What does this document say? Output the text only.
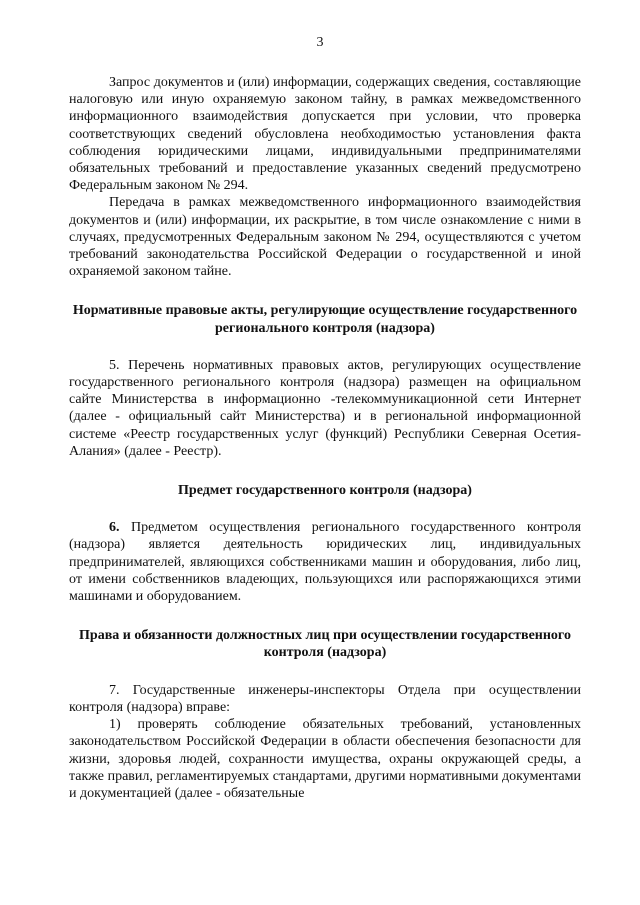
3

Запрос документов и (или) информации, содержащих сведения, составляющие налоговую или иную охраняемую законом тайну, в рамках межведомственного информационного взаимодействия допускается при условии, что проверка соответствующих сведений обусловлена необходимостью установления факта соблюдения юридическими лицами, индивидуальными предпринимателями обязательных требований и предоставление указанных сведений предусмотрено Федеральным законом № 294.

Передача в рамках межведомственного информационного взаимодействия документов и (или) информации, их раскрытие, в том числе ознакомление с ними в случаях, предусмотренных Федеральным законом № 294, осуществляются с учетом требований законодательства Российской Федерации о государственной и иной охраняемой законом тайне.

Нормативные правовые акты, регулирующие осуществление государственного регионального контроля (надзора)

5. Перечень нормативных правовых актов, регулирующих осуществление государственного регионального контроля (надзора) размещен на официальном сайте Министерства в информационно -телекоммуникационной сети Интернет (далее - официальный сайт Министерства) и в региональной информационной системе «Реестр государственных услуг (функций) Республики Северная Осетия-Алания» (далее - Реестр).

Предмет государственного контроля (надзора)

6. Предметом осуществления регионального государственного контроля (надзора) является деятельность юридических лиц, индивидуальных предпринимателей, являющихся собственниками машин и оборудования, либо лиц, от имени собственников владеющих, пользующихся или распоряжающихся этими машинами и оборудованием.

Права и обязанности должностных лиц при осуществлении государственного контроля (надзора)

7. Государственные инженеры-инспекторы Отдела при осуществлении контроля (надзора) вправе:

1) проверять соблюдение обязательных требований, установленных законодательством Российской Федерации в области обеспечения безопасности для жизни, здоровья людей, сохранности имущества, охраны окружающей среды, а также правил, регламентируемых стандартами, другими нормативными документами и документацией (далее - обязательные
